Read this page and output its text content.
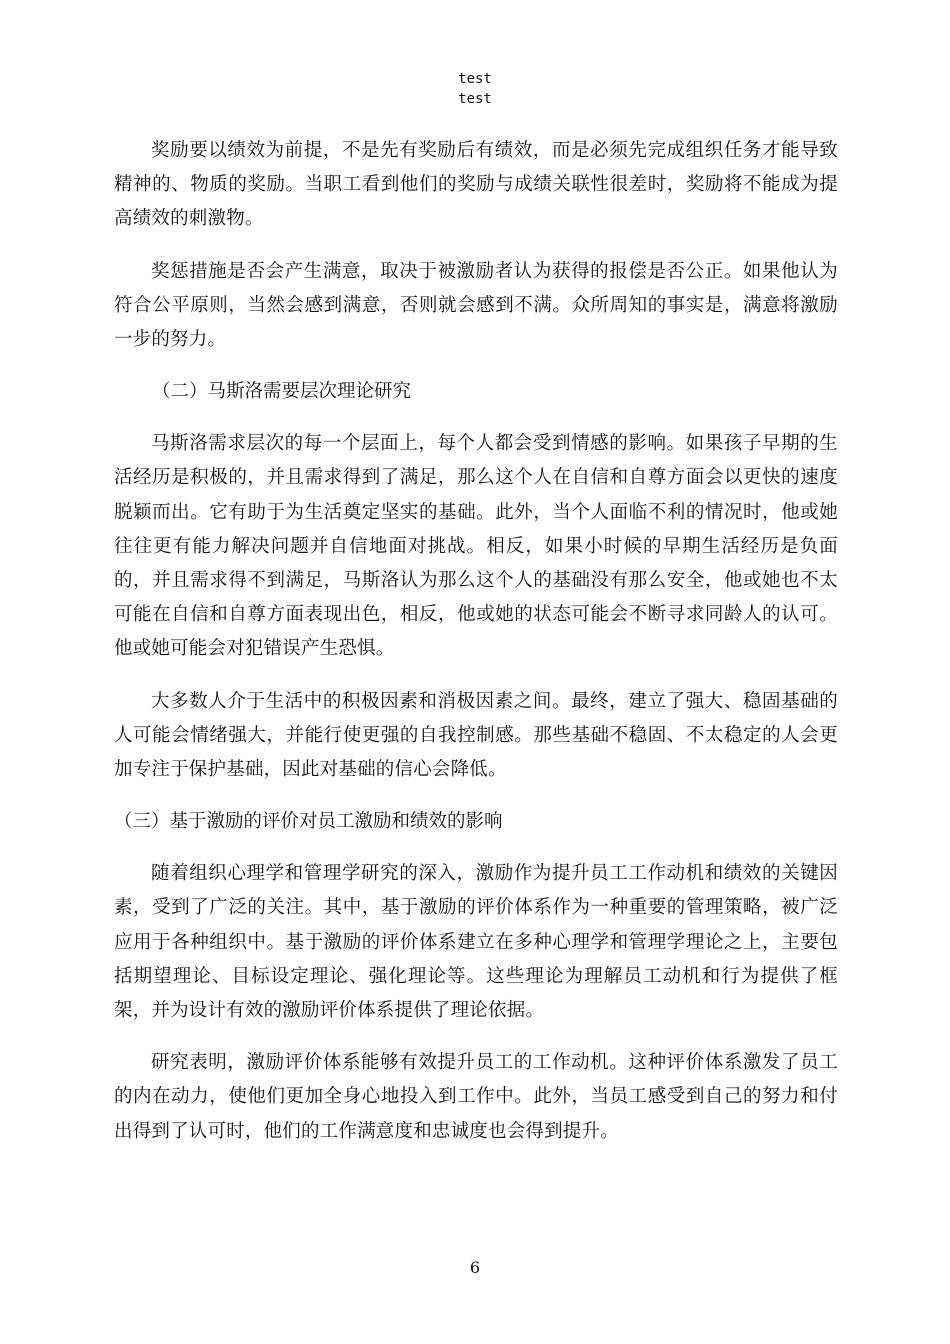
test
test

奖励要以绩效为前提，不是先有奖励后有绩效，而是必须先完成组织任务才能导致精神的、物质的奖励。当职工看到他们的奖励与成绩关联性很差时，奖励将不能成为提高绩效的刺激物。

奖惩措施是否会产生满意，取决于被激励者认为获得的报偿是否公正。如果他认为符合公平原则，当然会感到满意，否则就会感到不满。众所周知的事实是，满意将激励一步的努力。

（二）马斯洛需要层次理论研究

马斯洛需求层次的每一个层面上，每个人都会受到情感的影响。如果孩子早期的生活经历是积极的，并且需求得到了满足，那么这个人在自信和自尊方面会以更快的速度脱颖而出。它有助于为生活奠定坚实的基础。此外，当个人面临不利的情况时，他或她往往更有能力解决问题并自信地面对挑战。相反，如果小时候的早期生活经历是负面的，并且需求得不到满足，马斯洛认为那么这个人的基础没有那么安全，他或她也不太可能在自信和自尊方面表现出色，相反，他或她的状态可能会不断寻求同龄人的认可。他或她可能会对犯错误产生恐惧。

大多数人介于生活中的积极因素和消极因素之间。最终，建立了强大、稳固基础的人可能会情绪强大，并能行使更强的自我控制感。那些基础不稳固、不太稳定的人会更加专注于保护基础，因此对基础的信心会降低。

（三）基于激励的评价对员工激励和绩效的影响

随着组织心理学和管理学研究的深入，激励作为提升员工工作动机和绩效的关键因素，受到了广泛的关注。其中，基于激励的评价体系作为一种重要的管理策略，被广泛应用于各种组织中。基于激励的评价体系建立在多种心理学和管理学理论之上，主要包括期望理论、目标设定理论、强化理论等。这些理论为理解员工动机和行为提供了框架，并为设计有效的激励评价体系提供了理论依据。

研究表明，激励评价体系能够有效提升员工的工作动机。这种评价体系激发了员工的内在动力，使他们更加全身心地投入到工作中。此外，当员工感受到自己的努力和付出得到了认可时，他们的工作满意度和忠诚度也会得到提升。

6
